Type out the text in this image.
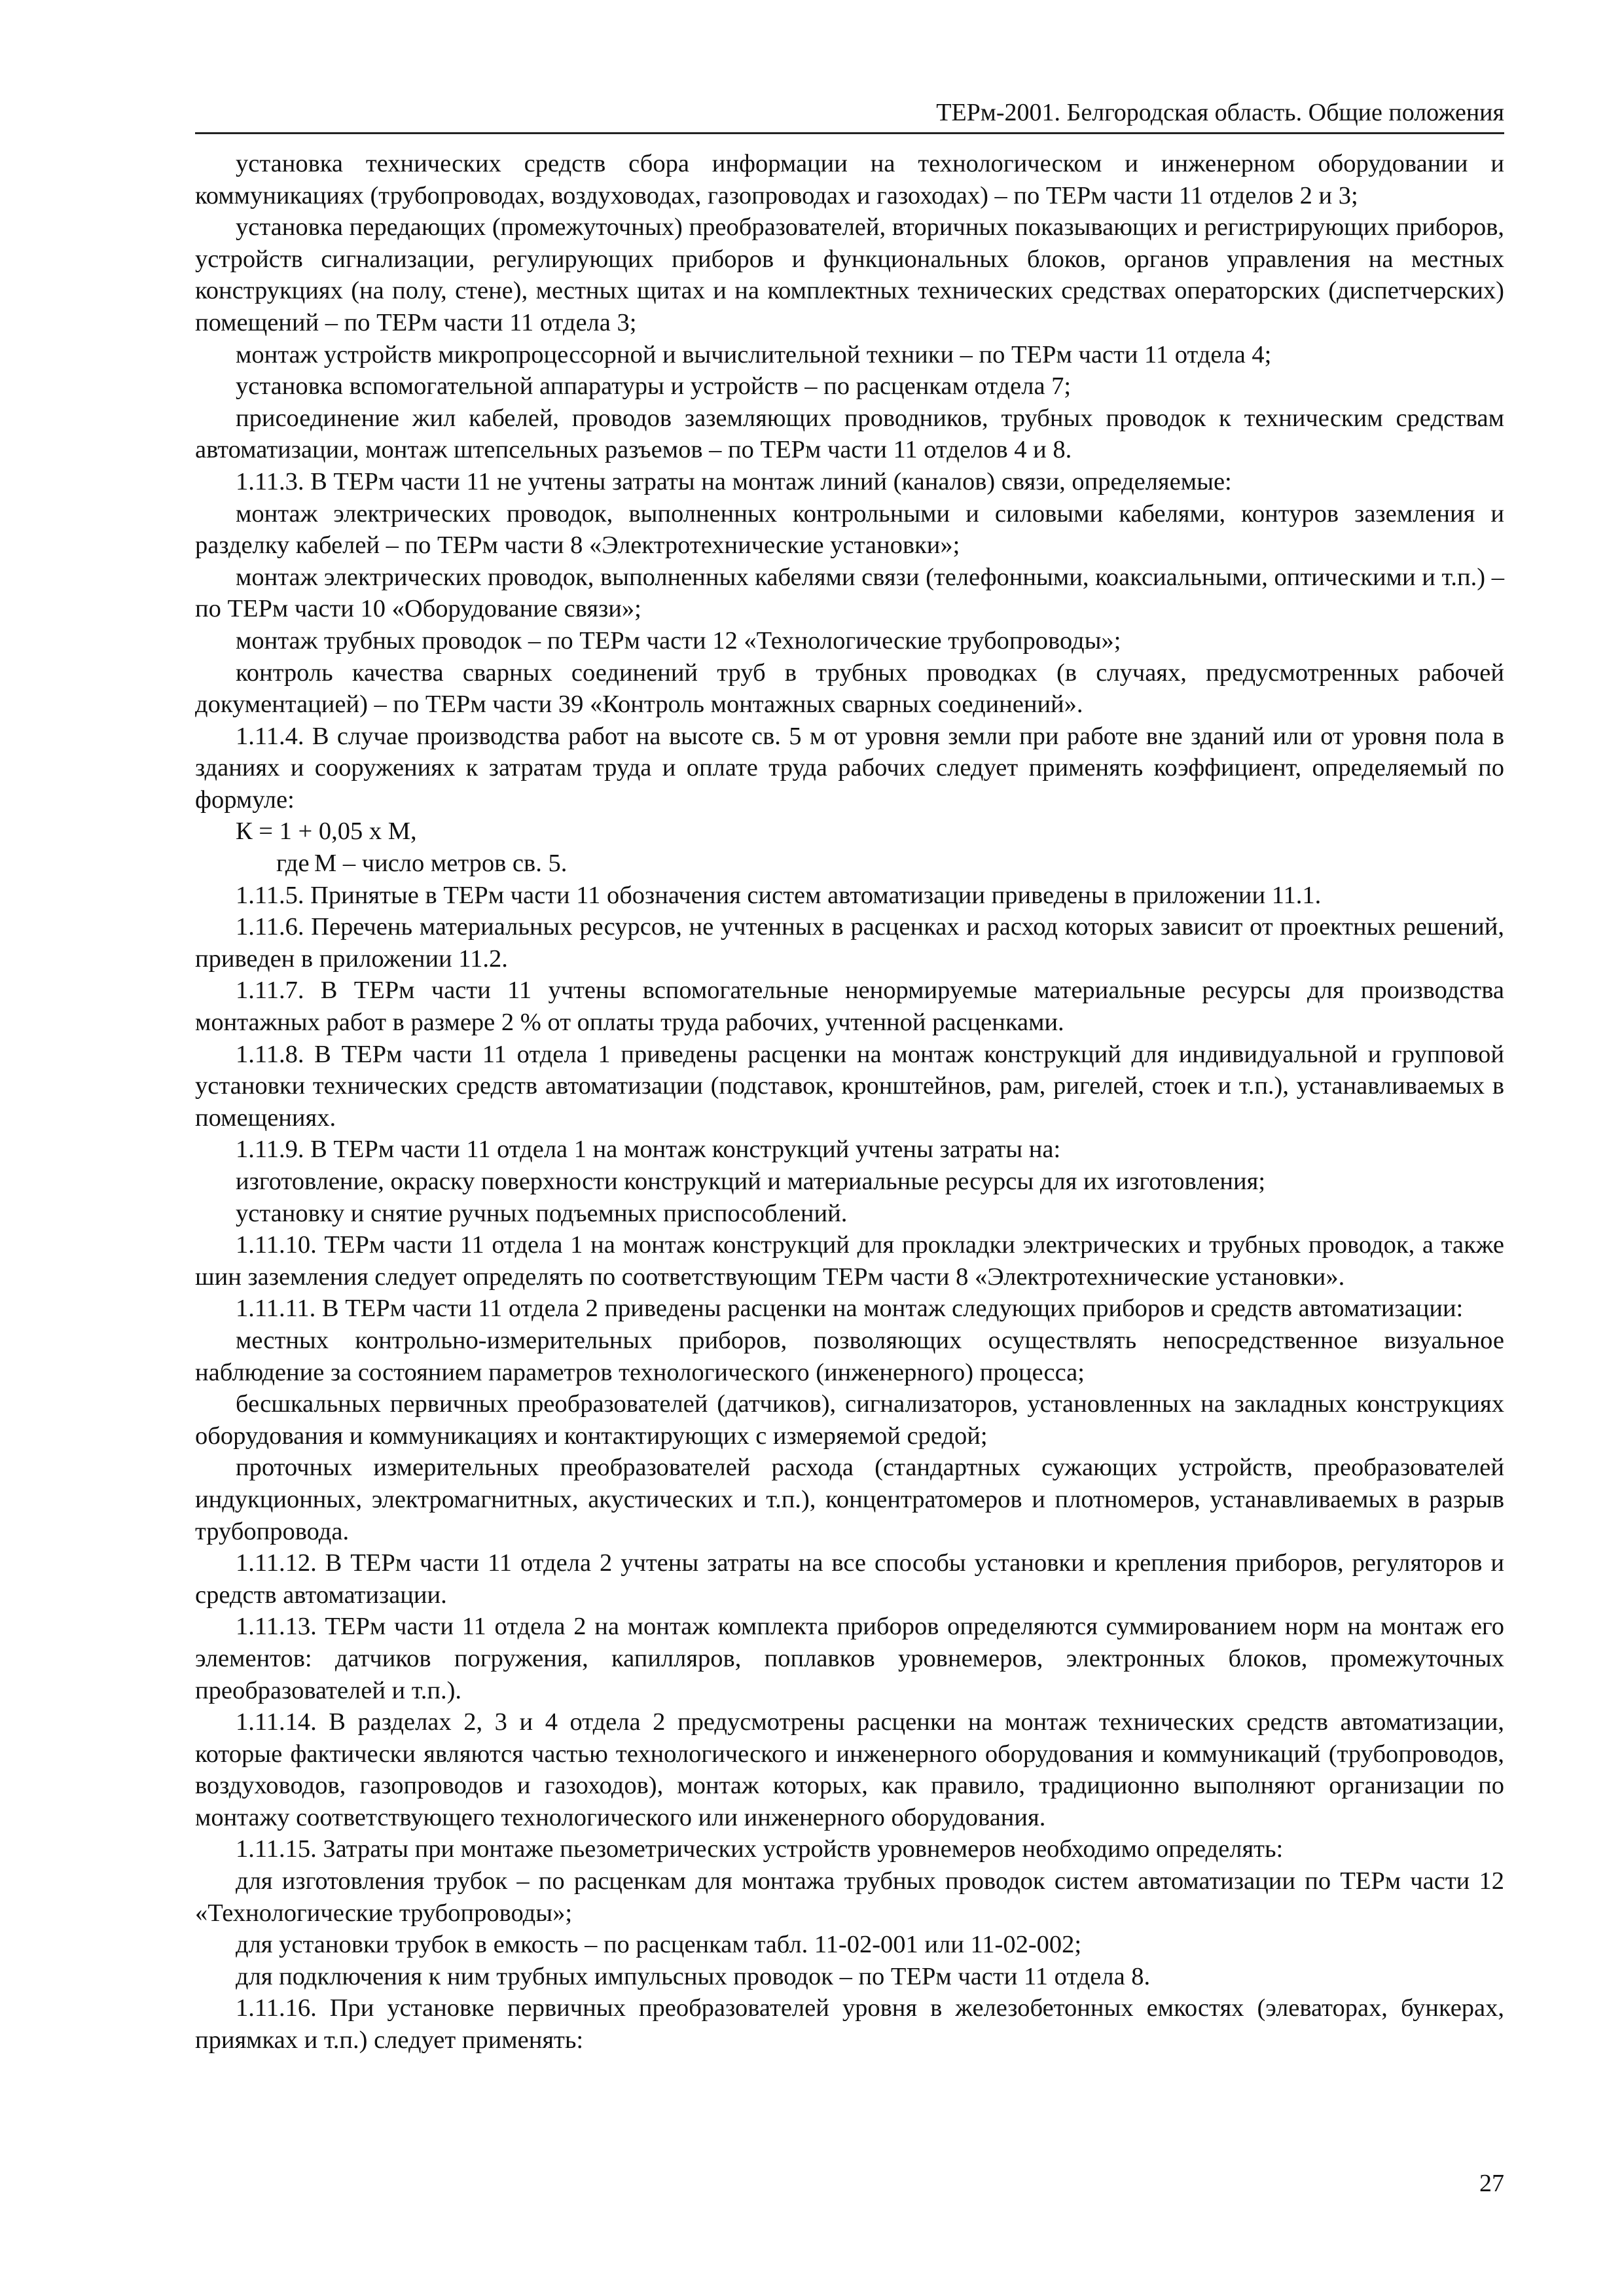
ТЕРм-2001. Белгородская область. Общие положения

установка технических средств сбора информации на технологическом и инженерном оборудовании и коммуникациях (трубопроводах, воздуховодах, газопроводах и газоходах) – по ТЕРм части 11 отделов 2 и 3;

установка передающих (промежуточных) преобразователей, вторичных показывающих и регистрирующих приборов, устройств сигнализации, регулирующих приборов и функциональных блоков, органов управления на местных конструкциях (на полу, стене), местных щитах и на комплектных технических средствах операторских (диспетчерских) помещений – по ТЕРм части 11 отдела 3;

монтаж устройств микропроцессорной и вычислительной техники – по ТЕРм части 11 отдела 4;

установка вспомогательной аппаратуры и устройств – по расценкам отдела 7;

присоединение жил кабелей, проводов заземляющих проводников, трубных проводок к техническим средствам автоматизации, монтаж штепсельных разъемов – по ТЕРм части 11 отделов 4 и 8.

1.11.3. В ТЕРм части 11 не учтены затраты на монтаж линий (каналов) связи, определяемые:

монтаж электрических проводок, выполненных контрольными и силовыми кабелями, контуров заземления и разделку кабелей – по ТЕРм части 8 «Электротехнические установки»;

монтаж электрических проводок, выполненных кабелями связи (телефонными, коаксиальными, оптическими и т.п.) – по ТЕРм части 10 «Оборудование связи»;

монтаж трубных проводок – по ТЕРм части 12 «Технологические трубопроводы»;

контроль качества сварных соединений труб в трубных проводках (в случаях, предусмотренных рабочей документацией) – по ТЕРм части 39 «Контроль монтажных сварных соединений».

1.11.4. В случае производства работ на высоте св. 5 м от уровня земли при работе вне зданий или от уровня пола в зданиях и сооружениях к затратам труда и оплате труда рабочих следует применять коэффициент, определяемый по формуле:

К = 1 + 0,05 х М,

где М – число метров св. 5.

1.11.5. Принятые в ТЕРм части 11 обозначения систем автоматизации приведены в приложении 11.1.

1.11.6. Перечень материальных ресурсов, не учтенных в расценках и расход которых зависит от проектных решений, приведен в приложении 11.2.

1.11.7. В ТЕРм части 11 учтены вспомогательные ненормируемые материальные ресурсы для производства монтажных работ в размере 2 % от оплаты труда рабочих, учтенной расценками.

1.11.8. В ТЕРм части 11 отдела 1 приведены расценки на монтаж конструкций для индивидуальной и групповой установки технических средств автоматизации (подставок, кронштейнов, рам, ригелей, стоек и т.п.), устанавливаемых в помещениях.

1.11.9. В ТЕРм части 11 отдела 1 на монтаж конструкций учтены затраты на:

изготовление, окраску поверхности конструкций и материальные ресурсы для их изготовления;

установку и снятие ручных подъемных приспособлений.

1.11.10. ТЕРм части 11 отдела 1 на монтаж конструкций для прокладки электрических и трубных проводок, а также шин заземления следует определять по соответствующим ТЕРм части 8 «Электротехнические установки».

1.11.11. В ТЕРм части 11 отдела 2 приведены расценки на монтаж следующих приборов и средств автоматизации:

местных контрольно-измерительных приборов, позволяющих осуществлять непосредственное визуальное наблюдение за состоянием параметров технологического (инженерного) процесса;

бесшкальных первичных преобразователей (датчиков), сигнализаторов, установленных на закладных конструкциях оборудования и коммуникациях и контактирующих с измеряемой средой;

проточных измерительных преобразователей расхода (стандартных сужающих устройств, преобразователей индукционных, электромагнитных, акустических и т.п.), концентратомеров и плотномеров, устанавливаемых в разрыв трубопровода.

1.11.12. В ТЕРм части 11 отдела 2 учтены затраты на все способы установки и крепления приборов, регуляторов и средств автоматизации.

1.11.13. ТЕРм части 11 отдела 2 на монтаж комплекта приборов определяются суммированием норм на монтаж его элементов: датчиков погружения, капилляров, поплавков уровнемеров, электронных блоков, промежуточных преобразователей и т.п.).

1.11.14. В разделах 2, 3 и 4 отдела 2 предусмотрены расценки на монтаж технических средств автоматизации, которые фактически являются частью технологического и инженерного оборудования и коммуникаций (трубопроводов, воздуховодов, газопроводов и газоходов), монтаж которых, как правило, традиционно выполняют организации по монтажу соответствующего технологического или инженерного оборудования.

1.11.15. Затраты при монтаже пьезометрических устройств уровнемеров необходимо определять:

для изготовления трубок – по расценкам для монтажа трубных проводок систем автоматизации по ТЕРм части 12 «Технологические трубопроводы»;

для установки трубок в емкость – по расценкам табл. 11-02-001 или 11-02-002;

для подключения к ним трубных импульсных проводок – по ТЕРм части 11 отдела 8.

1.11.16. При установке первичных преобразователей уровня в железобетонных емкостях (элеваторах, бункерах, приямках и т.п.) следует применять:

27
